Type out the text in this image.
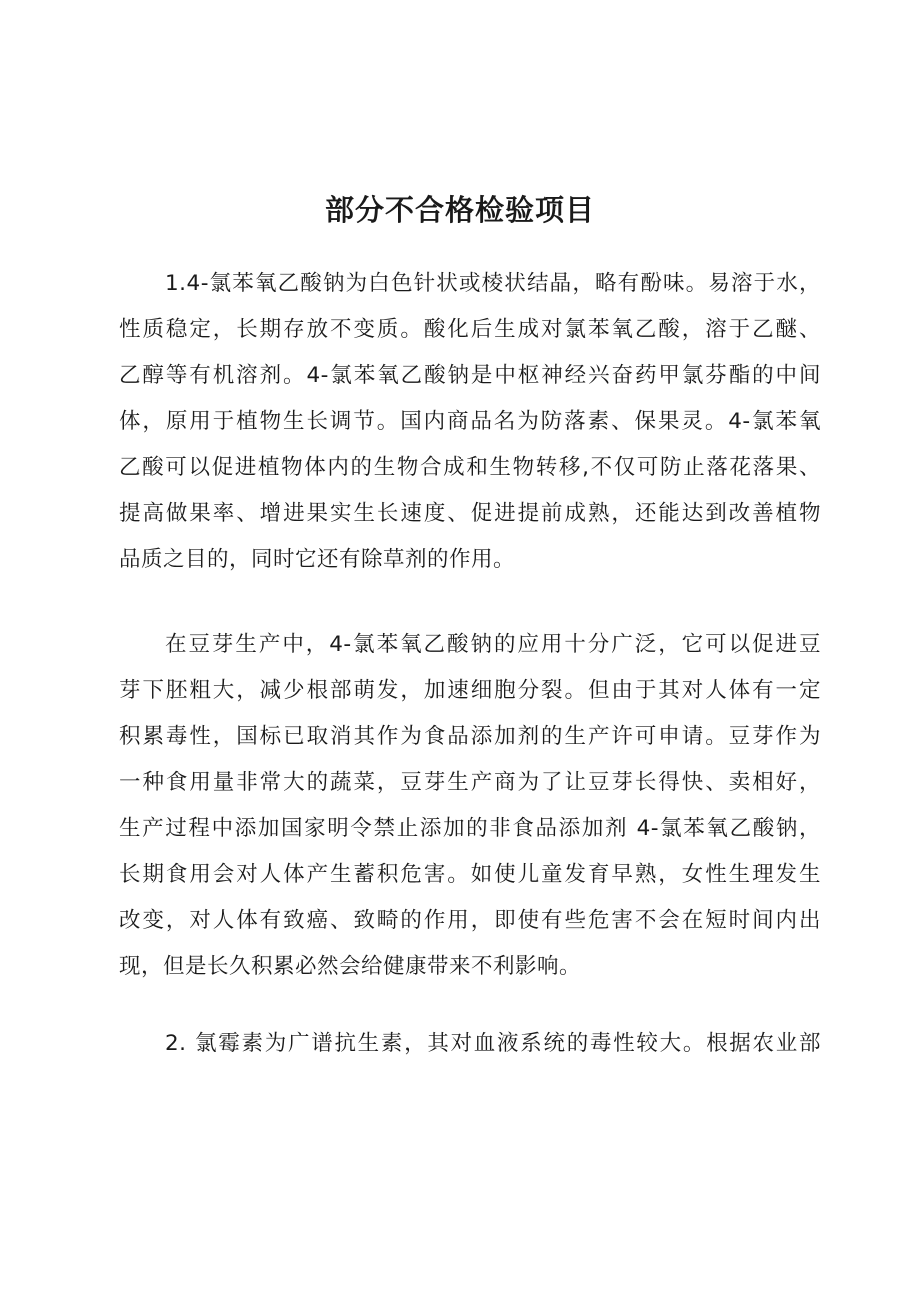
部分不合格检验项目
1.4-氯苯氧乙酸钠为白色针状或棱状结晶，略有酚味。易溶于水，
性质稳定，长期存放不变质。酸化后生成对氯苯氧乙酸，溶于乙醚、
乙醇等有机溶剂。4-氯苯氧乙酸钠是中枢神经兴奋药甲氯芬酯的中间
体，原用于植物生长调节。国内商品名为防落素、保果灵。4-氯苯氧
乙酸可以促进植物体内的生物合成和生物转移,不仅可防止落花落果、
提高做果率、增进果实生长速度、促进提前成熟，还能达到改善植物
品质之目的，同时它还有除草剂的作用。
在豆芽生产中，4-氯苯氧乙酸钠的应用十分广泛，它可以促进豆
芽下胚粗大，减少根部萌发，加速细胞分裂。但由于其对人体有一定
积累毒性，国标已取消其作为食品添加剂的生产许可申请。豆芽作为
一种食用量非常大的蔬菜，豆芽生产商为了让豆芽长得快、卖相好，
生产过程中添加国家明令禁止添加的非食品添加剂 4-氯苯氧乙酸钠，
长期食用会对人体产生蓄积危害。如使儿童发育早熟，女性生理发生
改变，对人体有致癌、致畸的作用，即使有些危害不会在短时间内出
现，但是长久积累必然会给健康带来不利影响。
2. 氯霉素为广谱抗生素，其对血液系统的毒性较大。根据农业部
